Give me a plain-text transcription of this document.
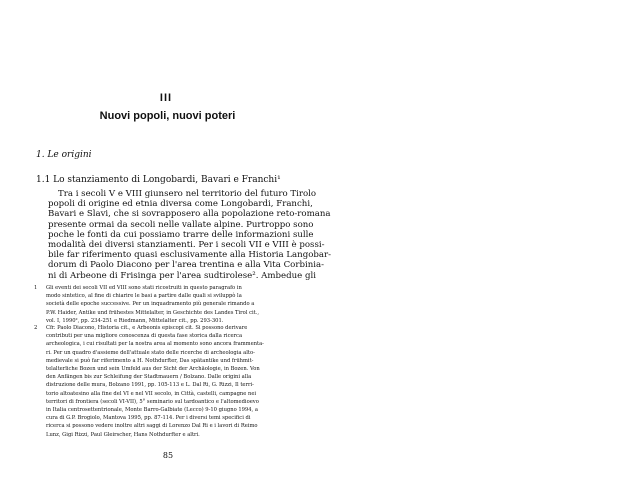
III
Nuovi popoli, nuovi poteri
1. Le origini
1.1 Lo stanziamento di Longobardi, Bavari e Franchi¹
Tra i secoli V e VIII giunsero nel territorio del futuro Tirolo
popoli di origine ed etnia diversa come Longobardi, Franchi,
Bavari e Slavi, che si sovrapposero alla popolazione reto-romana
presente ormai da secoli nelle vallate alpine. Purtroppo sono
poche le fonti da cui possiamo trarre delle informazioni sulle
modalità dei diversi stanziamenti. Per i secoli VII e VIII è possi-
bile far riferimento quasi esclusivamente alla Historia Langobar-
dorum di Paolo Diacono per l'area trentina e alla Vita Corbinia-
ni di Arbeone di Frisinga per l'area sudtirolese². Ambedue gli
1 Gli eventi dei secoli VII ed VIII sono stati ricostruiti in questo paragrafo in
modo sintetico, al fine di chiarire le basi a partire dalle quali si sviluppò la
società delle epoche successive. Per un inquadramento più generale rimando a
P.W. Haider, Antike und frühestes Mittelalter, in Geschichte des Landes Tirol cit.,
vol. I, 1990², pp. 234-251 e Riedmann, Mittelalter cit., pp. 293-301.
2 Cfr. Paolo Diacono, Historia cit., e Arbeonis episcopi cit. Si possono derivare
contributi per una migliore conoscenza di questa fase storica dalla ricerca
archeologica, i cui risultati per la nostra area al momento sono ancora frammenta-
ri. Per un quadro d'assieme dell'attuale stato delle ricerche di archeologia alto-
medievale si può far riferimento a H. Nothdurfter, Das spätantike und frühmit-
telalterliche Bozen und sein Umfeld aus der Sicht der Archäologie, in Bozen. Von
den Anfängen bis zur Schleifung der Stadtmauern / Bolzano. Dalle origini alla
distruzione delle mura, Bolzano 1991, pp. 105-113 e L. Dal Ri, G. Rizzi, Il terri-
torio altoatesino alla fine del VI e nel VII secolo, in Città, castelli, campagne nei
territori di frontiera (secoli VI-VII), 5° seminario sul tardoantico e l'altomedioevo
in Italia centrosettentrionale, Monte Barro-Galbiate (Lecco) 9-10 giugno 1994, a
cura di G.P. Brogiolo, Mantova 1995, pp. 87-114. Per i diversi temi specifici di
ricerca si possono vedere inoltre altri saggi di Lorenzo Dal Ri e i lavori di Reimo
Lunz, Gigi Rizzi, Paul Gleirscher, Hans Nothdurfter e altri.
85
